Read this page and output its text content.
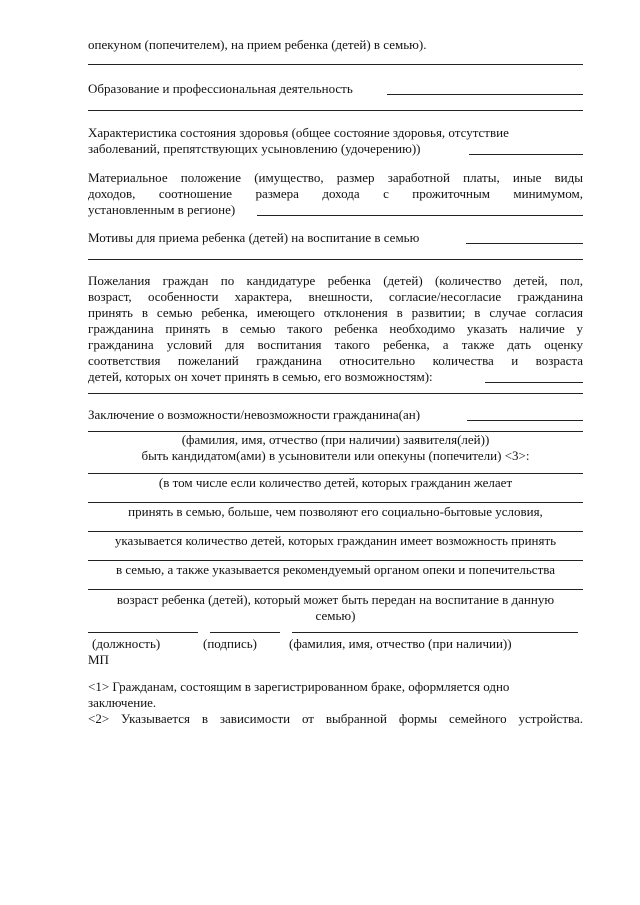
опекуном (попечителем), на прием ребенка (детей) в семью).
Образование и профессиональная деятельность
Характеристика состояния здоровья (общее состояние здоровья, отсутствие
заболеваний, препятствующих усыновлению (удочерению))
Материальное положение (имущество, размер заработной платы, иные виды
доходов, соотношение размера дохода с прожиточным минимумом,
установленным в регионе)
Мотивы для приема ребенка (детей) на воспитание в семью
Пожелания граждан по кандидатуре ребенка (детей) (количество детей, пол,
возраст, особенности характера, внешности, согласие/несогласие гражданина
принять в семью ребенка, имеющего отклонения в развитии; в случае согласия
гражданина принять в семью такого ребенка необходимо указать наличие у
гражданина условий для воспитания такого ребенка, а также дать оценку
соответствия пожеланий гражданина относительно количества и возраста
детей, которых он хочет принять в семью, его возможностям):
Заключение о возможности/невозможности гражданина(ан)
(фамилия, имя, отчество (при наличии) заявителя(лей))
быть кандидатом(ами) в усыновители или опекуны (попечители) <3>:
(в том числе если количество детей, которых гражданин желает
принять в семью, больше, чем позволяют его социально-бытовые условия,
указывается количество детей, которых гражданин имеет возможность принять
в семью, а также указывается рекомендуемый органом опеки и попечительства
возраст ребенка (детей), который может быть передан на воспитание в данную
семью)
(должность)	(подпись) (фамилия, имя, отчество (при наличии))
МП
<1> Гражданам, состоящим в зарегистрированном браке, оформляется одно
заключение.
<2> Указывается в зависимости от выбранной формы семейного устройства.
